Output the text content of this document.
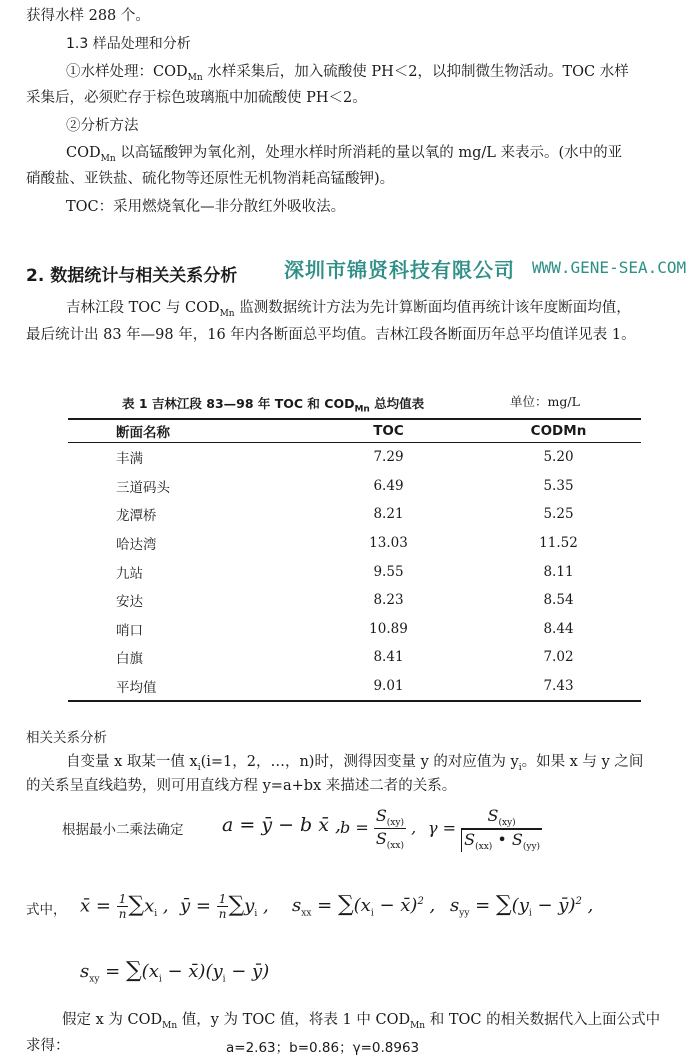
获得水样 288 个。
1.3 样品处理和分析
①水样处理：$COD_{Mn}$ 水样采集后，加入硫酸使 PH＜2，以抑制微生物活动。TOC 水样
采集后，必须贮存于棕色玻璃瓶中加硫酸使 PH＜2。
②分析方法
$COD_{Mn}$ 以高锰酸钾为氧化剂，处理水样时所消耗的量以氧的 mg/L 来表示。(水中的亚
硝酸盐、亚铁盐、硫化物等还原性无机物消耗高锰酸钾)。
TOC：采用燃烧氧化—非分散红外吸收法。
2. 数据统计与相关关系分析 深圳市锦贤科技有限公司 WWW.GENE-SEA.COM
吉林江段 TOC 与 $COD_{Mn}$ 监测数据统计方法为先计算断面均值再统计该年度断面均值，
最后统计出 83 年—98 年，16 年内各断面总平均值。吉林江段各断面历年总平均值详见表 1。
表 1 吉林江段 83—98 年 TOC 和 $COD_{Mn}$ 总均值表	单位：mg/L
断面名称	TOC	CODMn
丰满	7.29	5.20
三道码头	6.49	5.35
龙潭桥	8.21	5.25
哈达湾	13.03	11.52
九站	9.55	8.11
安达	8.23	8.54
哨口	10.89	8.44
白旗	8.41	7.02
平均值	9.01	7.43
相关关系分析
自变量 x 取某一值 $x_i(i=1$，2，…，n)时，测得因变量 y 的对应值为 $y_i$。如果 x 与 y 之间
的关系呈直线趋势，则可用直线方程 y=a+bx 来描述二者的关系。
根据最小二乘法确定 a = ȳ − b x̄ ,
$b = \frac{S_{(xy)}}{S_{(xx)}}$ , $\gamma = \frac{S_{(xy)}}{S_{(xx)} • S_{(yy)}}$
式中， x̄ = $\frac{1}{n} \sum x_i$ , ȳ = $\frac{1}{n} \sum y_i$ , $s_{xx} = \sum(x_i$ − x̄)$^2$ , $s_{yy} = \sum(y_i$ − ȳ)$^2$ ,
$s_{xy} = \sum(x_i$ − $x̄)(y_i$ − ȳ)
假定 x 为 $COD_{Mn}$ 值，y 为 TOC 值，将表 1 中 $COD_{Mn}$ 和 TOC 的相关数据代入上面公式中
求得：	a=2.63；b=0.86；γ=0.8963
